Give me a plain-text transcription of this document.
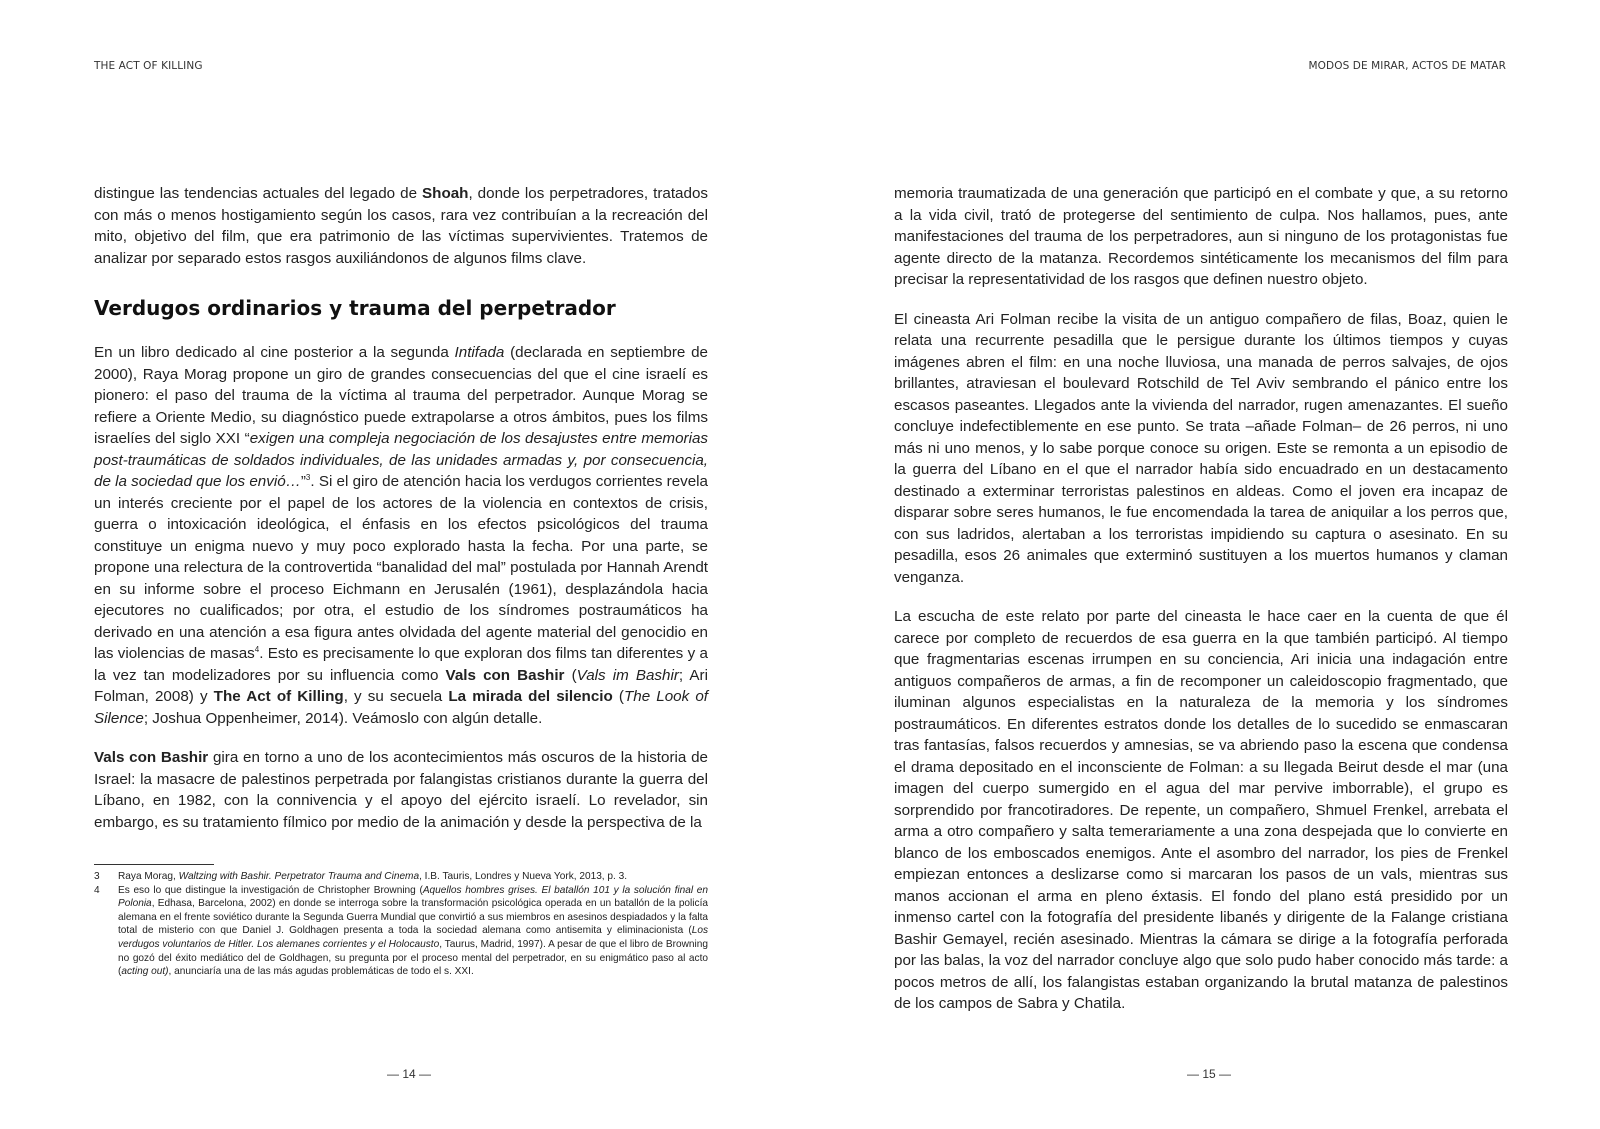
THE ACT OF KILLING

distingue las tendencias actuales del legado de Shoah, donde los perpetradores, tratados con más o menos hostigamiento según los casos, rara vez contribuían a la recreación del mito, objetivo del film, que era patrimonio de las víctimas supervivientes. Tratemos de analizar por separado estos rasgos auxiliándonos de algunos films clave.

Verdugos ordinarios y trauma del perpetrador

En un libro dedicado al cine posterior a la segunda Intifada (declarada en septiembre de 2000), Raya Morag propone un giro de grandes consecuencias del que el cine israelí es pionero: el paso del trauma de la víctima al trauma del perpetrador. Aunque Morag se refiere a Oriente Medio, su diagnóstico puede extrapolarse a otros ámbitos, pues los films israelíes del siglo XXI “exigen una compleja negociación de los desajustes entre memorias post-traumáticas de soldados individuales, de las unidades armadas y, por consecuencia, de la sociedad que los envió…”$^3$. Si el giro de atención hacia los verdugos corrientes revela un interés creciente por el papel de los actores de la violencia en contextos de crisis, guerra o intoxicación ideológica, el énfasis en los efectos psicológicos del trauma constituye un enigma nuevo y muy poco explorado hasta la fecha. Por una parte, se propone una relectura de la controvertida “banalidad del mal” postulada por Hannah Arendt en su informe sobre el proceso Eichmann en Jerusalén (1961), desplazándola hacia ejecutores no cualificados; por otra, el estudio de los síndromes postraumáticos ha derivado en una atención a esa figura antes olvidada del agente material del genocidio en las violencias de masas$^4$. Esto es precisamente lo que exploran dos films tan diferentes y a la vez tan modelizadores por su influencia como Vals con Bashir (Vals im Bashir; Ari Folman, 2008) y The Act of Killing, y su secuela La mirada del silencio (The Look of Silence; Joshua Oppenheimer, 2014). Veámoslo con algún detalle.

Vals con Bashir gira en torno a uno de los acontecimientos más oscuros de la historia de Israel: la masacre de palestinos perpetrada por falangistas cristianos durante la guerra del Líbano, en 1982, con la connivencia y el apoyo del ejército israelí. Lo revelador, sin embargo, es su tratamiento fílmico por medio de la animación y desde la perspectiva de la

3	Raya Morag, Waltzing with Bashir. Perpetrator Trauma and Cinema, I.B. Tauris, Londres y Nueva York, 2013, p. 3.
4	Es eso lo que distingue la investigación de Christopher Browning (Aquellos hombres grises. El batallón 101 y la solución final en Polonia, Edhasa, Barcelona, 2002) en donde se interroga sobre la transformación psicológica operada en un batallón de la policía alemana en el frente soviético durante la Segunda Guerra Mundial que convirtió a sus miembros en asesinos despiadados y la falta total de misterio con que Daniel J. Goldhagen presenta a toda la sociedad alemana como antisemita y eliminacionista (Los verdugos voluntarios de Hitler. Los alemanes corrientes y el Holocausto, Taurus, Madrid, 1997). A pesar de que el libro de Browning no gozó del éxito mediático del de Goldhagen, su pregunta por el proceso mental del perpetrador, en su enigmático paso al acto (acting out), anunciaría una de las más agudas problemáticas de todo el s. XXI.
— 14 —
MODOS DE MIRAR, ACTOS DE MATAR

memoria traumatizada de una generación que participó en el combate y que, a su retorno a la vida civil, trató de protegerse del sentimiento de culpa. Nos hallamos, pues, ante manifestaciones del trauma de los perpetradores, aun si ninguno de los protagonistas fue agente directo de la matanza. Recordemos sintéticamente los mecanismos del film para precisar la representatividad de los rasgos que definen nuestro objeto.

El cineasta Ari Folman recibe la visita de un antiguo compañero de filas, Boaz, quien le relata una recurrente pesadilla que le persigue durante los últimos tiempos y cuyas imágenes abren el film: en una noche lluviosa, una manada de perros salvajes, de ojos brillantes, atraviesan el boulevard Rotschild de Tel Aviv sembrando el pánico entre los escasos paseantes. Llegados ante la vivienda del narrador, rugen amenazantes. El sueño concluye indefectiblemente en ese punto. Se trata –añade Folman– de 26 perros, ni uno más ni uno menos, y lo sabe porque conoce su origen. Este se remonta a un episodio de la guerra del Líbano en el que el narrador había sido encuadrado en un destacamento destinado a exterminar terroristas palestinos en aldeas. Como el joven era incapaz de disparar sobre seres humanos, le fue encomendada la tarea de aniquilar a los perros que, con sus ladridos, alertaban a los terroristas impidiendo su captura o asesinato. En su pesadilla, esos 26 animales que exterminó sustituyen a los muertos humanos y claman venganza.

La escucha de este relato por parte del cineasta le hace caer en la cuenta de que él carece por completo de recuerdos de esa guerra en la que también participó. Al tiempo que fragmentarias escenas irrumpen en su conciencia, Ari inicia una indagación entre antiguos compañeros de armas, a fin de recomponer un caleidoscopio fragmentado, que iluminan algunos especialistas en la naturaleza de la memoria y los síndromes postraumáticos. En diferentes estratos donde los detalles de lo sucedido se enmascaran tras fantasías, falsos recuerdos y amnesias, se va abriendo paso la escena que condensa el drama depositado en el inconsciente de Folman: a su llegada Beirut desde el mar (una imagen del cuerpo sumergido en el agua del mar pervive imborrable), el grupo es sorprendido por francotiradores. De repente, un compañero, Shmuel Frenkel, arrebata el arma a otro compañero y salta temerariamente a una zona despejada que lo convierte en blanco de los emboscados enemigos. Ante el asombro del narrador, los pies de Frenkel empiezan entonces a deslizarse como si marcaran los pasos de un vals, mientras sus manos accionan el arma en pleno éxtasis. El fondo del plano está presidido por un inmenso cartel con la fotografía del presidente libanés y dirigente de la Falange cristiana Bashir Gemayel, recién asesinado. Mientras la cámara se dirige a la fotografía perforada por las balas, la voz del narrador concluye algo que solo pudo haber conocido más tarde: a pocos metros de allí, los falangistas estaban organizando la brutal matanza de palestinos de los campos de Sabra y Chatila.

— 15 —
